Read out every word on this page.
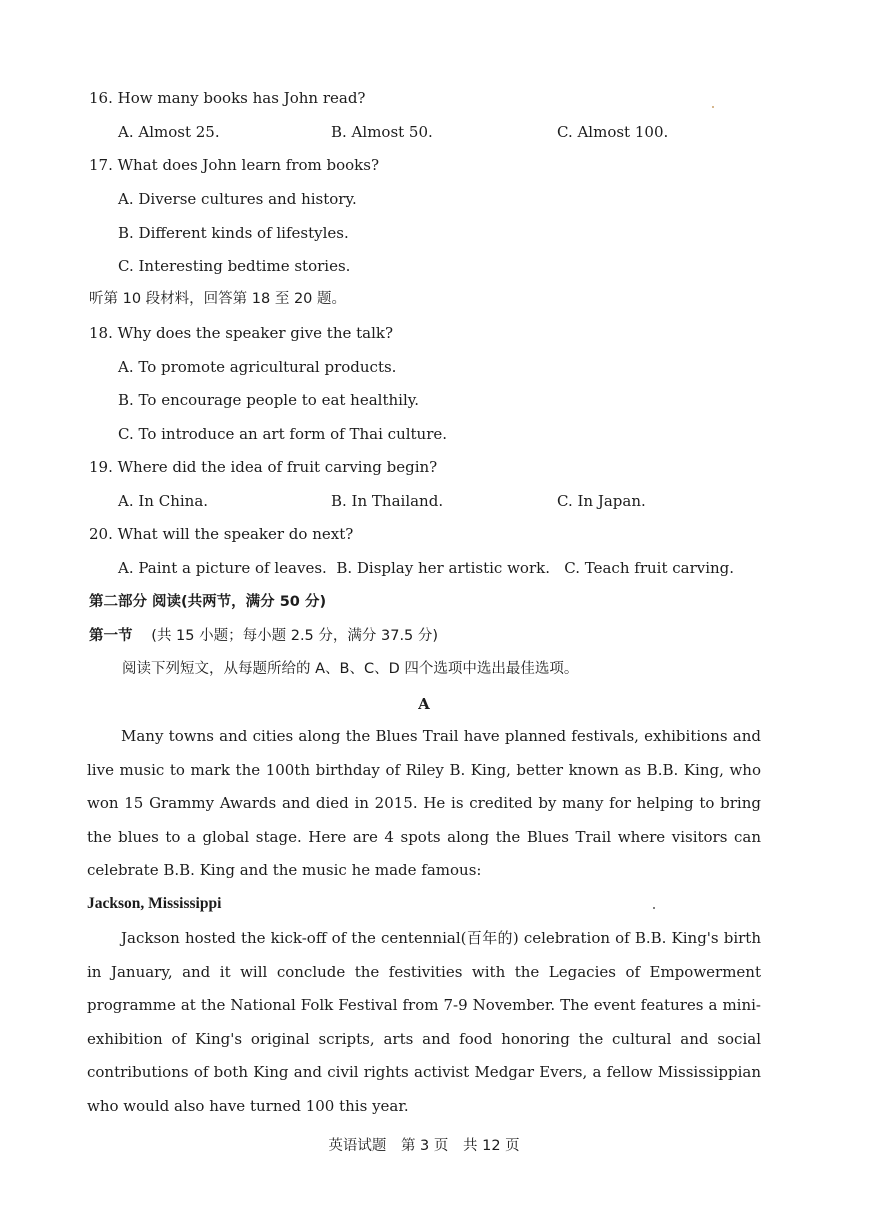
16. How many books has John read?
A. Almost 25.	B. Almost 50.	C. Almost 100.
17. What does John learn from books?
A. Diverse cultures and history.
B. Different kinds of lifestyles.
C. Interesting bedtime stories.
听第 10 段材料，回答第 18 至 20 题。
18. Why does the speaker give the talk?
A. To promote agricultural products.
B. To encourage people to eat healthily.
C. To introduce an art form of Thai culture.
19. Where did the idea of fruit carving begin?
A. In China.	B. In Thailand.	C. In Japan.
20. What will the speaker do next?
A. Paint a picture of leaves.  B. Display her artistic work.   C. Teach fruit carving.
第二部分 阅读(共两节，满分 50 分)
第一节 (共 15 小题；每小题 2.5 分，满分 37.5 分)
阅读下列短文，从每题所给的 A、B、C、D 四个选项中选出最佳选项。
A
Many towns and cities along the Blues Trail have planned festivals, exhibitions and live music to mark the 100th birthday of Riley B. King, better known as B.B. King, who won 15 Grammy Awards and died in 2015. He is credited by many for helping to bring the blues to a global stage. Here are 4 spots along the Blues Trail where visitors can celebrate B.B. King and the music he made famous:
Jackson, Mississippi
Jackson hosted the kick-off of the centennial(百年的) celebration of B.B. King's birth in January, and it will conclude the festivities with the Legacies of Empowerment programme at the National Folk Festival from 7-9 November. The event features a mini-exhibition of King's original scripts, arts and food honoring the cultural and social contributions of both King and civil rights activist Medgar Evers, a fellow Mississippian who would also have turned 100 this year.
英语试题 第 3 页 共 12 页
